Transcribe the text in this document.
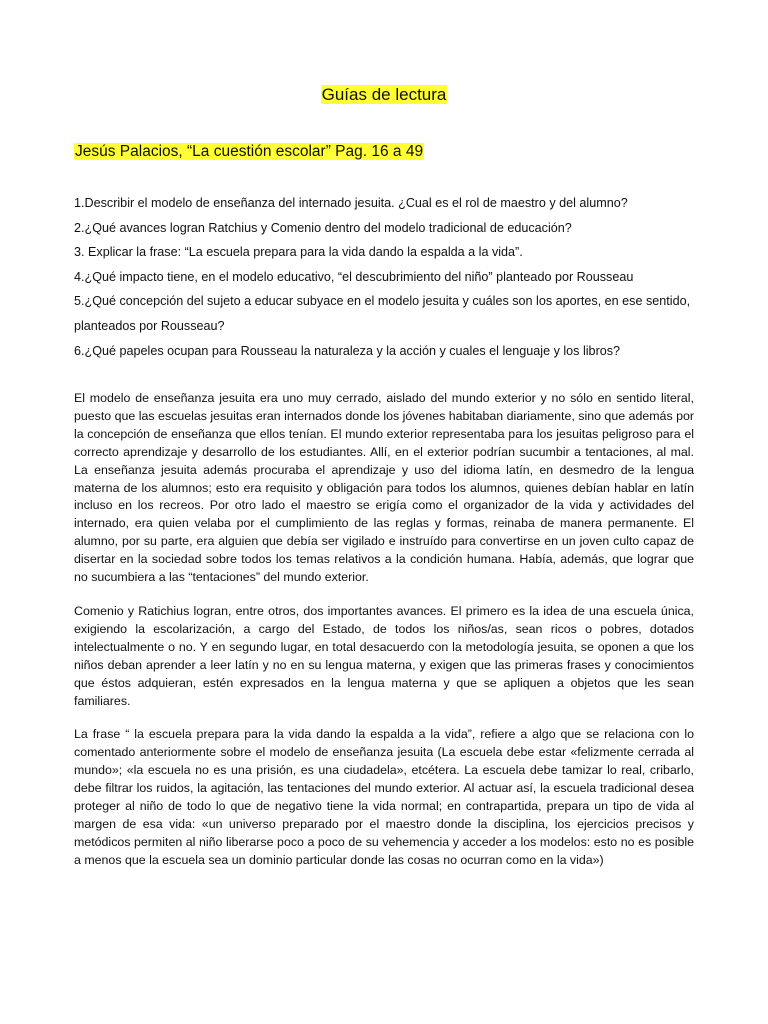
Guías de lectura
Jesús Palacios, “La cuestión escolar” Pag. 16 a 49
1.Describir el modelo de enseñanza del internado jesuita. ¿Cual es el rol de maestro y del alumno?
2.¿Qué avances logran Ratchius y Comenio dentro del modelo tradicional de educación?
3. Explicar la frase: “La escuela prepara para la vida dando la espalda a la vida”.
4.¿Qué impacto tiene, en el modelo educativo, “el descubrimiento del niño” planteado por Rousseau
5.¿Qué concepción del sujeto a educar subyace en el modelo jesuita y cuáles son los aportes, en ese sentido, planteados por Rousseau?
6.¿Qué papeles ocupan para Rousseau la naturaleza y la acción y cuales el lenguaje y los libros?

El modelo de enseñanza jesuita era uno muy cerrado, aislado del mundo exterior y no sólo en sentido literal, puesto que las escuelas jesuitas eran internados donde los jóvenes habitaban diariamente, sino que además por la concepción de enseñanza que ellos tenían. El mundo exterior representaba para los jesuitas peligroso para el correcto aprendizaje y desarrollo de los estudiantes. Allí, en el exterior podrían sucumbir a tentaciones, al mal. La enseñanza jesuita además procuraba el aprendizaje y uso del idioma latín, en desmedro de la lengua materna de los alumnos; esto era requisito y obligación para todos los alumnos, quienes debían hablar en latín incluso en los recreos. Por otro lado el maestro se erigía como el organizador de la vida y actividades del internado, era quien velaba por el cumplimiento de las reglas y formas, reinaba de manera permanente. El alumno, por su parte, era alguien que debía ser vigilado e instruído para convertirse en un joven culto capaz de disertar en la sociedad sobre todos los temas relativos a la condición humana. Había, además, que lograr que no sucumbiera a las “tentaciones” del mundo exterior.

Comenio y Ratichius logran, entre otros, dos importantes avances. El primero es la idea de una escuela única, exigiendo la escolarización, a cargo del Estado, de todos los niños/as, sean ricos o pobres, dotados intelectualmente o no. Y en segundo lugar, en total desacuerdo con la metodología jesuita, se oponen a que los niños deban aprender a leer latín y no en su lengua materna, y exigen que las primeras frases y conocimientos que éstos adquieran, estén expresados en la lengua materna y que se apliquen a objetos que les sean familiares.

La frase “ la escuela prepara para la vida dando la espalda a la vida”, refiere a algo que se relaciona con lo comentado anteriormente sobre el modelo de enseñanza jesuita (La escuela debe estar «felizmente cerrada al mundo»; «la escuela no es una prisión, es una ciudadela», etcétera. La escuela debe tamizar lo real, cribarlo, debe filtrar los ruidos, la agitación, las tentaciones del mundo exterior. Al actuar así, la escuela tradicional desea proteger al niño de todo lo que de negativo tiene la vida normal; en contrapartida, prepara un tipo de vida al margen de esa vida: «un universo preparado por el maestro donde la disciplina, los ejercicios precisos y metódicos permiten al niño liberarse poco a poco de su vehemencia y acceder a los modelos: esto no es posible a menos que la escuela sea un dominio particular donde las cosas no ocurran como en la vida»)
